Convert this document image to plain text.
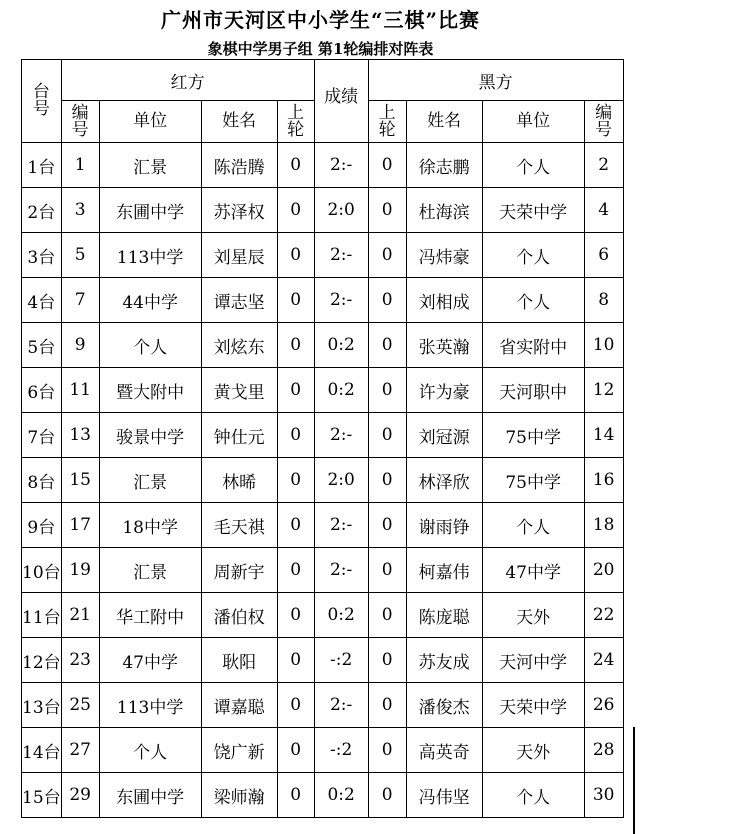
广州市天河区中小学生“三棋”比赛
象棋中学男子组 第1轮编排对阵表
台号	红方				成绩	黑方			
	编号	单位	姓名	上轮		上轮	姓名	单位	编号
1台	1	汇景	陈浩腾	0	2:-	0	徐志鹏	个人	2
2台	3	东圃中学	苏泽权	0	2:0	0	杜海滨	天荣中学	4
3台	5	113中学	刘星辰	0	2:-	0	冯炜豪	个人	6
4台	7	44中学	谭志坚	0	2:-	0	刘相成	个人	8
5台	9	个人	刘炫东	0	0:2	0	张英瀚	省实附中	10
6台	11	暨大附中	黄戈里	0	0:2	0	许为豪	天河职中	12
7台	13	骏景中学	钟仕元	0	2:-	0	刘冠源	75中学	14
8台	15	汇景	林晞	0	2:0	0	林泽欣	75中学	16
9台	17	18中学	毛天祺	0	2:-	0	谢雨铮	个人	18
10台	19	汇景	周新宇	0	2:-	0	柯嘉伟	47中学	20
11台	21	华工附中	潘伯权	0	0:2	0	陈庞聪	天外	22
12台	23	47中学	耿阳	0	-:2	0	苏友成	天河中学	24
13台	25	113中学	谭嘉聪	0	2:-	0	潘俊杰	天荣中学	26
14台	27	个人	饶广新	0	-:2	0	高英奇	天外	28
15台	29	东圃中学	梁师瀚	0	0:2	0	冯伟坚	个人	30
